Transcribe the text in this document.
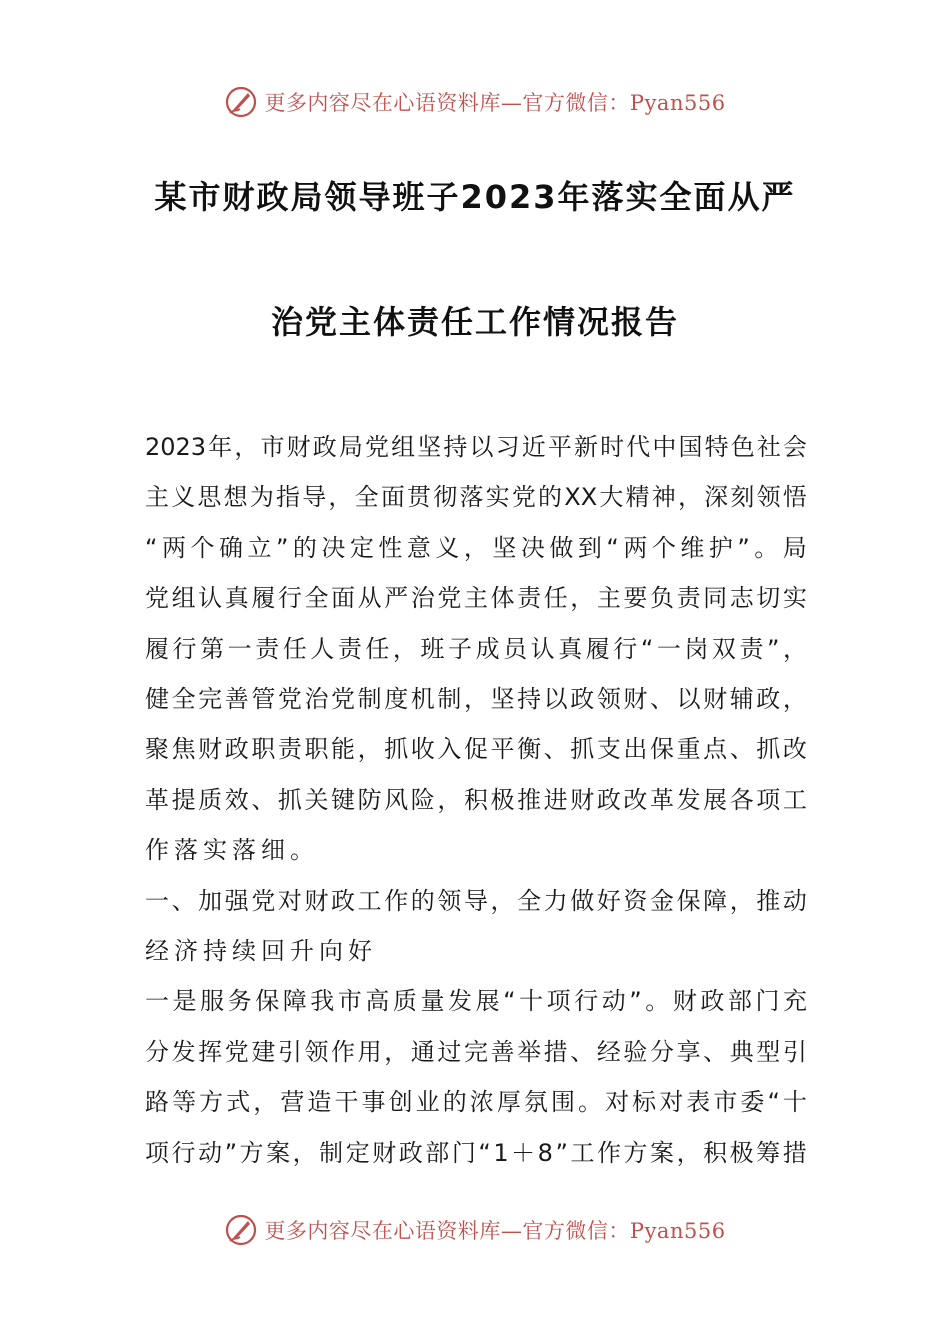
更多内容尽在心语资料库—官方微信：Pyan556
某市财政局领导班子2023年落实全面从严
治党主体责任工作情况报告
2023 年 ， 市 财 政 局 党 组 坚 持 以 习 近 平 新 时 代 中 国 特 色 社 会
主 义 思 想 为 指 导 ， 全 面 贯 彻 落 实 党 的 XX 大 精 神 ， 深 刻 领 悟
“ 两 个 确 立 ” 的 决 定 性 意 义 ， 坚 决 做 到 “ 两 个 维 护 ” 。 局
党 组 认 真 履 行 全 面 从 严 治 党 主 体 责 任 ， 主 要 负 责 同 志 切 实
履 行 第 一 责 任 人 责 任 ， 班 子 成 员 认 真 履 行 “ 一 岗 双 责 ” ，
健 全 完 善 管 党 治 党 制 度 机 制 ， 坚 持 以 政 领 财 、 以 财 辅 政 ，
聚 焦 财 政 职 责 职 能 ， 抓 收 入 促 平 衡 、 抓 支 出 保 重 点 、 抓 改
革 提 质 效 、 抓 关 键 防 风 险 ， 积 极 推 进 财 政 改 革 发 展 各 项 工
作落实落细。
一 、 加 强 党 对 财 政 工 作 的 领 导 ， 全 力 做 好 资 金 保 障 ， 推 动
经济持续回升向好
一 是 服 务 保 障 我 市 高 质 量 发 展 “ 十 项 行 动 ” 。 财 政 部 门 充
分 发 挥 党 建 引 领 作 用 ， 通 过 完 善 举 措 、 经 验 分 享 、 典 型 引
路 等 方 式 ， 营 造 干 事 创 业 的 浓 厚 氛 围 。 对 标 对 表 市 委 “ 十
项 行 动 ” 方 案 ， 制 定 财 政 部 门 “ 1 ＋ 8 ” 工 作 方 案 ， 积 极 筹 措
更多内容尽在心语资料库—官方微信：Pyan556
